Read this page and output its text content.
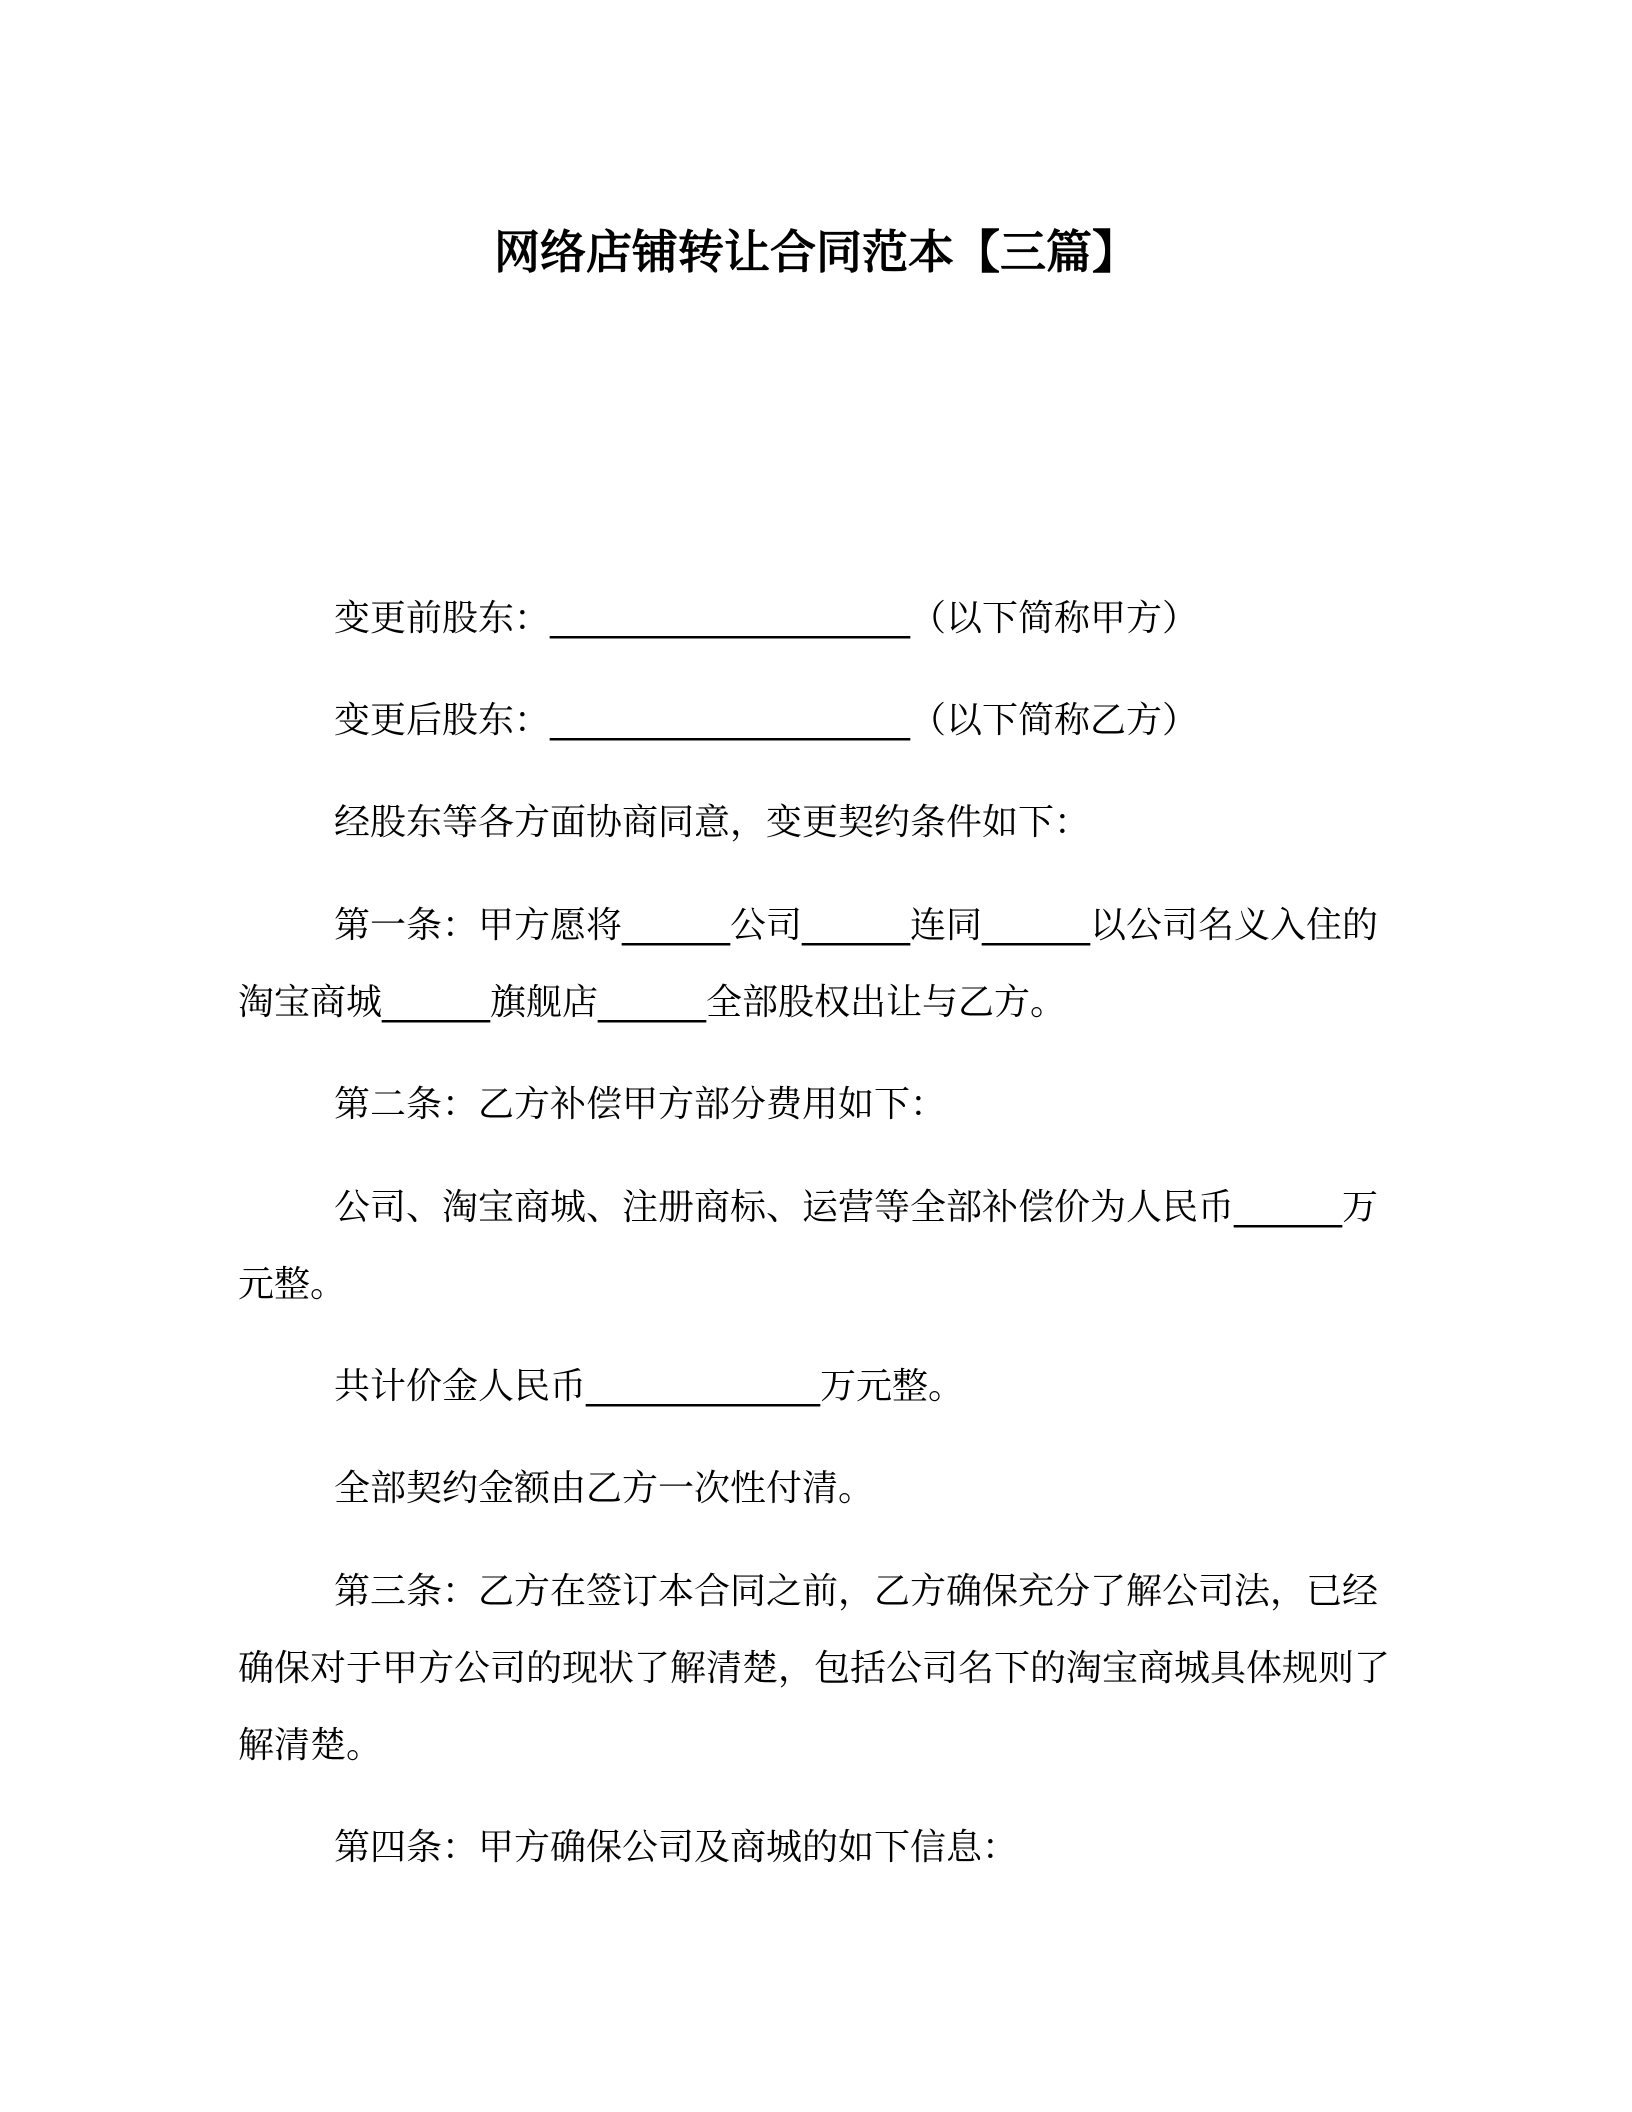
网络店铺转让合同范本【三篇】
变更前股东：____________________（以下简称甲方）
变更后股东：____________________（以下简称乙方）
经股东等各方面协商同意，变更契约条件如下：
第一条：甲方愿将______公司______连同______以公司名义入住的淘宝商城______旗舰店______全部股权出让与乙方。
第二条：乙方补偿甲方部分费用如下：
公司、淘宝商城、注册商标、运营等全部补偿价为人民币______万元整。
共计价金人民币_____________万元整。
全部契约金额由乙方一次性付清。
第三条：乙方在签订本合同之前，乙方确保充分了解公司法，已经确保对于甲方公司的现状了解清楚，包括公司名下的淘宝商城具体规则了解清楚。
第四条：甲方确保公司及商城的如下信息：
